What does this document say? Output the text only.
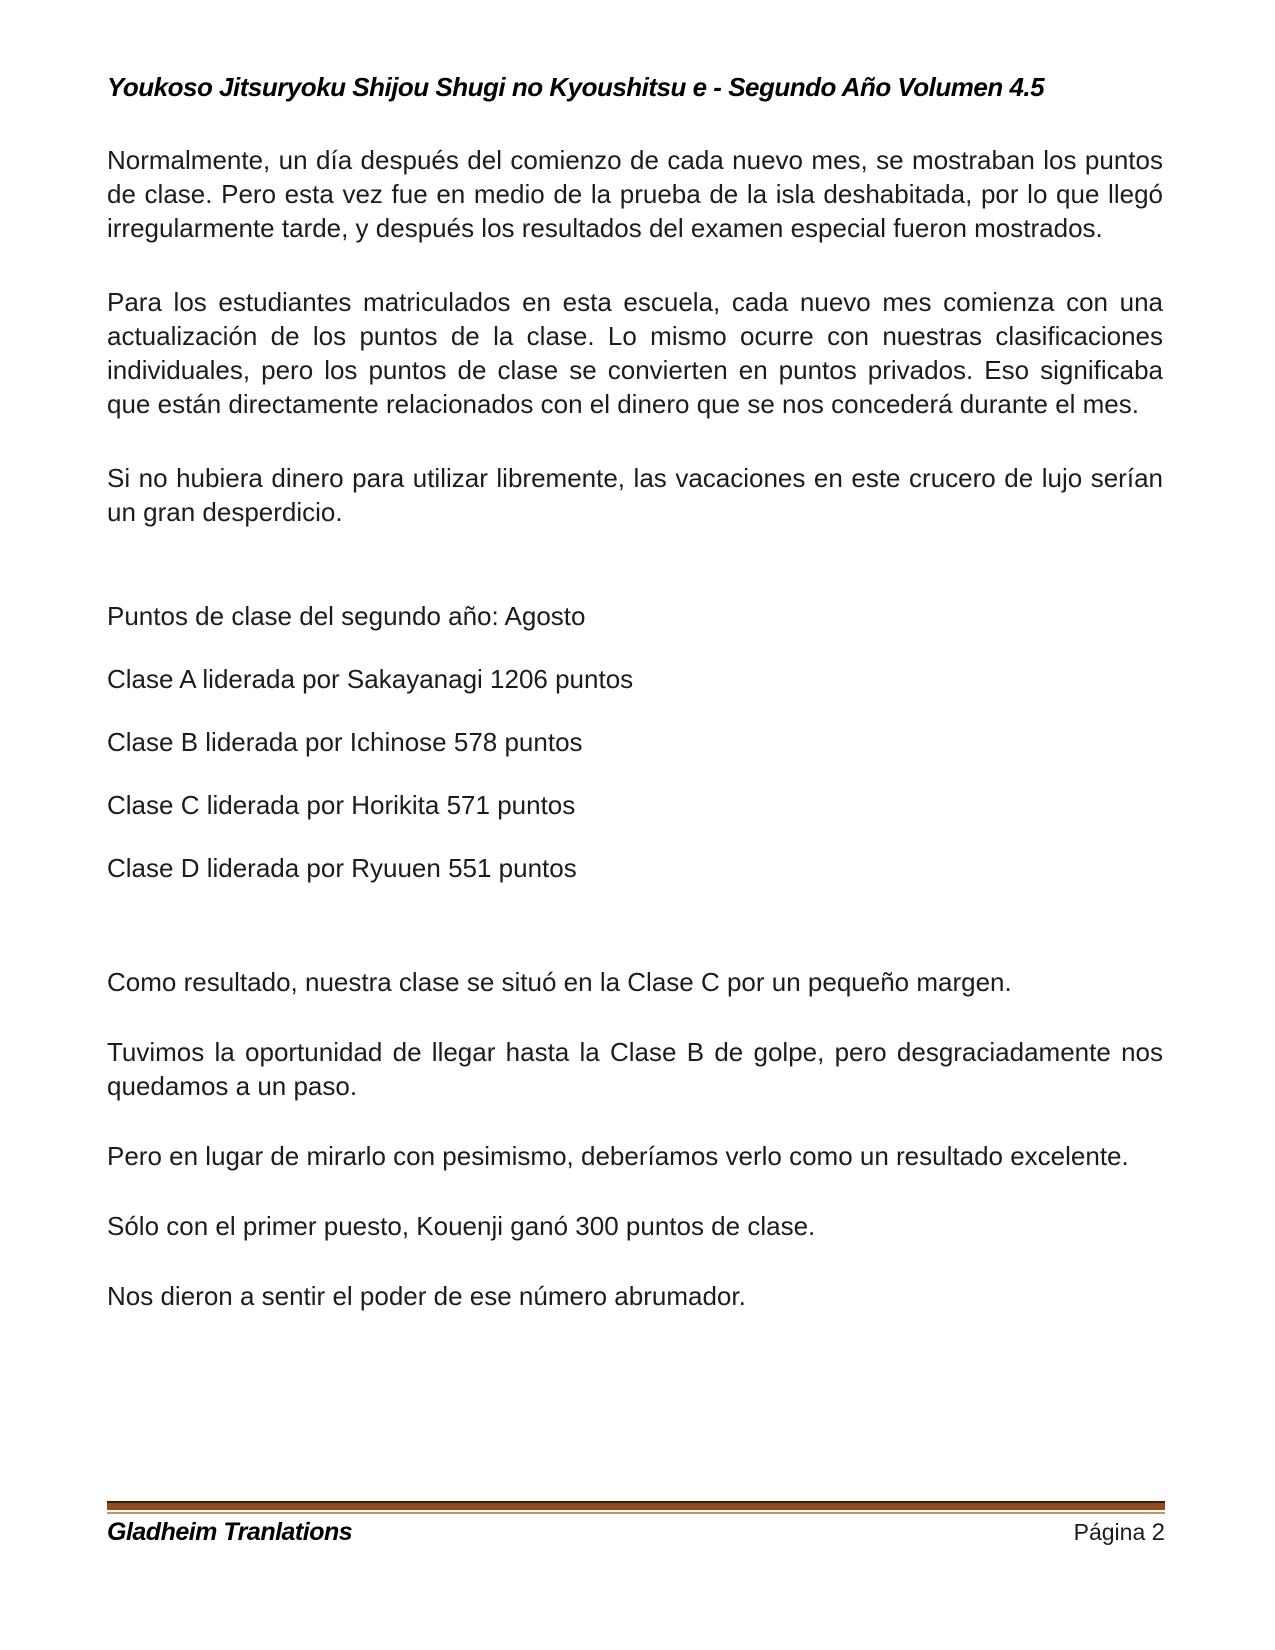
Youkoso Jitsuryoku Shijou Shugi no Kyoushitsu e - Segundo Año Volumen 4.5

Normalmente, un día después del comienzo de cada nuevo mes, se mostraban los puntos de clase. Pero esta vez fue en medio de la prueba de la isla deshabitada, por lo que llegó irregularmente tarde, y después los resultados del examen especial fueron mostrados.

Para los estudiantes matriculados en esta escuela, cada nuevo mes comienza con una actualización de los puntos de la clase. Lo mismo ocurre con nuestras clasificaciones individuales, pero los puntos de clase se convierten en puntos privados. Eso significaba que están directamente relacionados con el dinero que se nos concederá durante el mes.

Si no hubiera dinero para utilizar libremente, las vacaciones en este crucero de lujo serían un gran desperdicio.

Puntos de clase del segundo año: Agosto

Clase A liderada por Sakayanagi 1206 puntos

Clase B liderada por Ichinose 578 puntos

Clase C liderada por Horikita 571 puntos

Clase D liderada por Ryuuen 551 puntos

Como resultado, nuestra clase se situó en la Clase C por un pequeño margen.

Tuvimos la oportunidad de llegar hasta la Clase B de golpe, pero desgraciadamente nos quedamos a un paso.

Pero en lugar de mirarlo con pesimismo, deberíamos verlo como un resultado excelente.

Sólo con el primer puesto, Kouenji ganó 300 puntos de clase.

Nos dieron a sentir el poder de ese número abrumador.

Gladheim Tranlations	Página 2
